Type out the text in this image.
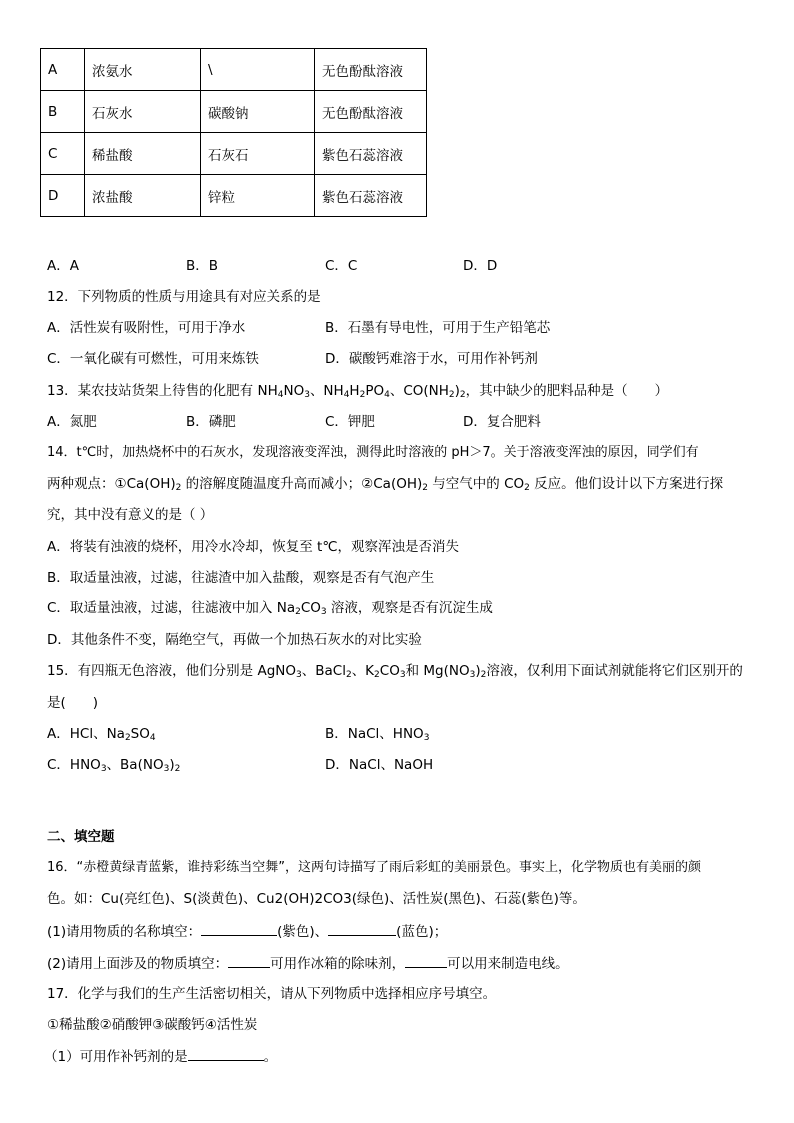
A	浓氨水	\	无色酚酞溶液
B	石灰水	碳酸钠	无色酚酞溶液
C	稀盐酸	石灰石	紫色石蕊溶液
D	浓盐酸	锌粒	紫色石蕊溶液
A．A	B．B	C．C	D．D
12．下列物质的性质与用途具有对应关系的是
A．活性炭有吸附性，可用于净水	B．石墨有导电性，可用于生产铅笔芯
C．一氧化碳有可燃性，可用来炼铁	D．碳酸钙难溶于水，可用作补钙剂
13．某农技站货架上待售的化肥有 $NH_4NO_3$、$NH_4H_2PO_4$、$CO(NH_2)_2$，其中缺少的肥料品种是（　　）
A．氮肥	B．磷肥	C．钾肥	D．复合肥料
14．t℃时，加热烧杯中的石灰水，发现溶液变浑浊，测得此时溶液的 pH＞7。关于溶液变浑浊的原因，同学们有
两种观点：$①Ca(OH)_2$ 的溶解度随温度升高而减小；$②Ca(OH)_2$ 与空气中的 $CO_2$ 反应。他们设计以下方案进行探
究，其中没有意义的是（ ）
A．将装有浊液的烧杯，用冷水冷却，恢复至 t℃，观察浑浊是否消失
B．取适量浊液，过滤，往滤渣中加入盐酸，观察是否有气泡产生
C．取适量浊液，过滤，往滤液中加入 $Na_2CO_3$ 溶液，观察是否有沉淀生成
D．其他条件不变，隔绝空气，再做一个加热石灰水的对比实验
15．有四瓶无色溶液，他们分别是 AgNO$_3$、BaCl$_2$、$K_2CO_3$和 $Mg(NO_3)_2$溶液，仅利用下面试剂就能将它们区别开的
是(　　)
A．HCl、$Na_2SO_4$	B．NaCl、$HNO_3$
C．$HNO_3$、$Ba(NO_3)_2$	D．NaCl、NaOH
二、填空题
16．“赤橙黄绿青蓝紫，谁持彩练当空舞”，这两句诗描写了雨后彩虹的美丽景色。事实上，化学物质也有美丽的颜
色。如：Cu(亮红色)、S(淡黄色)、Cu2(OH)2CO3(绿色)、活性炭(黑色)、石蕊(紫色)等。
(1)请用物质的名称填空：	(紫色)、	(蓝色)；
(2)请用上面涉及的物质填空：	可用作冰箱的除味剂，	可以用来制造电线。
17．化学与我们的生产生活密切相关，请从下列物质中选择相应序号填空。
①稀盐酸②硝酸钾③碳酸钙④活性炭
（1）可用作补钙剂的是	。
